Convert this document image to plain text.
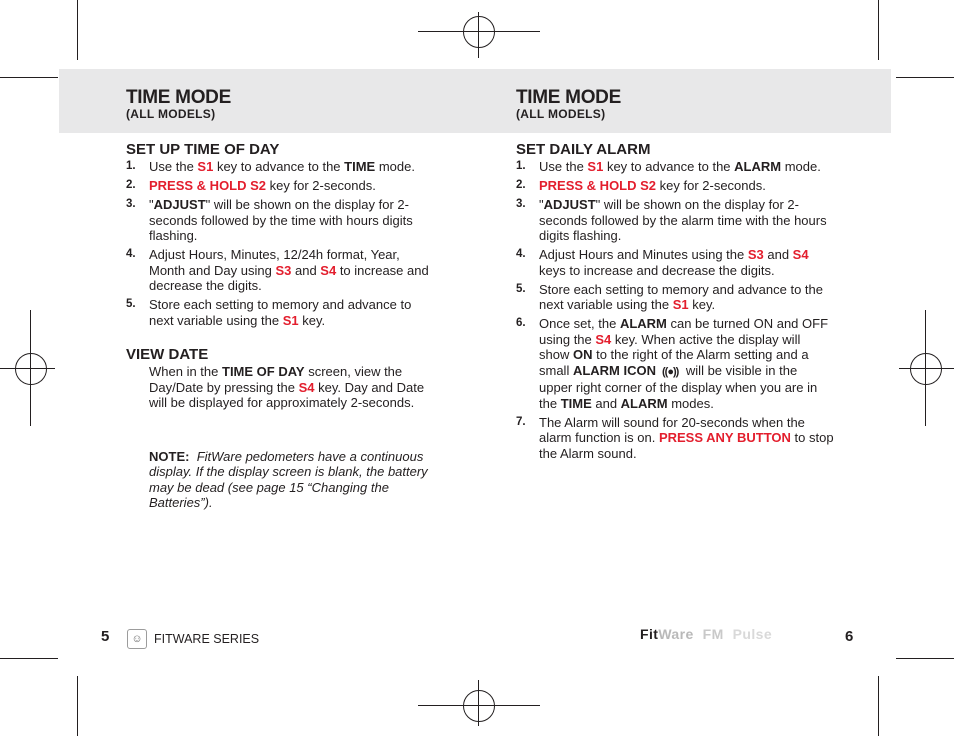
TIME MODE
(ALL MODELS)
SET UP TIME OF DAY
1. Use the S1 key to advance to the TIME mode.
2. PRESS & HOLD S2 key for 2-seconds.
3. "ADJUST" will be shown on the display for 2-seconds followed by the time with hours digits flashing.
4. Adjust Hours, Minutes, 12/24h format, Year, Month and Day using S3 and S4 to increase and decrease the digits.
5. Store each setting to memory and advance to next variable using the S1 key.
VIEW DATE
When in the TIME OF DAY screen, view the Day/Date by pressing the S4 key. Day and Date will be displayed for approximately 2-seconds.
NOTE: FitWare pedometers have a continuous display. If the display screen is blank, the battery may be dead (see page 15 “Changing the Batteries”).
TIME MODE
(ALL MODELS)
SET DAILY ALARM
1. Use the S1 key to advance to the ALARM mode.
2. PRESS & HOLD S2 key for 2-seconds.
3. "ADJUST" will be shown on the display for 2-seconds followed by the alarm time with the hours digits flashing.
4. Adjust Hours and Minutes using the S3 and S4 keys to increase and decrease the digits.
5. Store each setting to memory and advance to the next variable using the S1 key.
6. Once set, the ALARM can be turned ON and OFF using the S4 key. When active the display will show ON to the right of the Alarm setting and a small ALARM ICON ((●)) will be visible in the upper right corner of the display when you are in the TIME and ALARM modes.
7. The Alarm will sound for 20-seconds when the alarm function is on. PRESS ANY BUTTON to stop the Alarm sound.
5	☺ FITWARE SERIES	FitWare FM Pulse	6
